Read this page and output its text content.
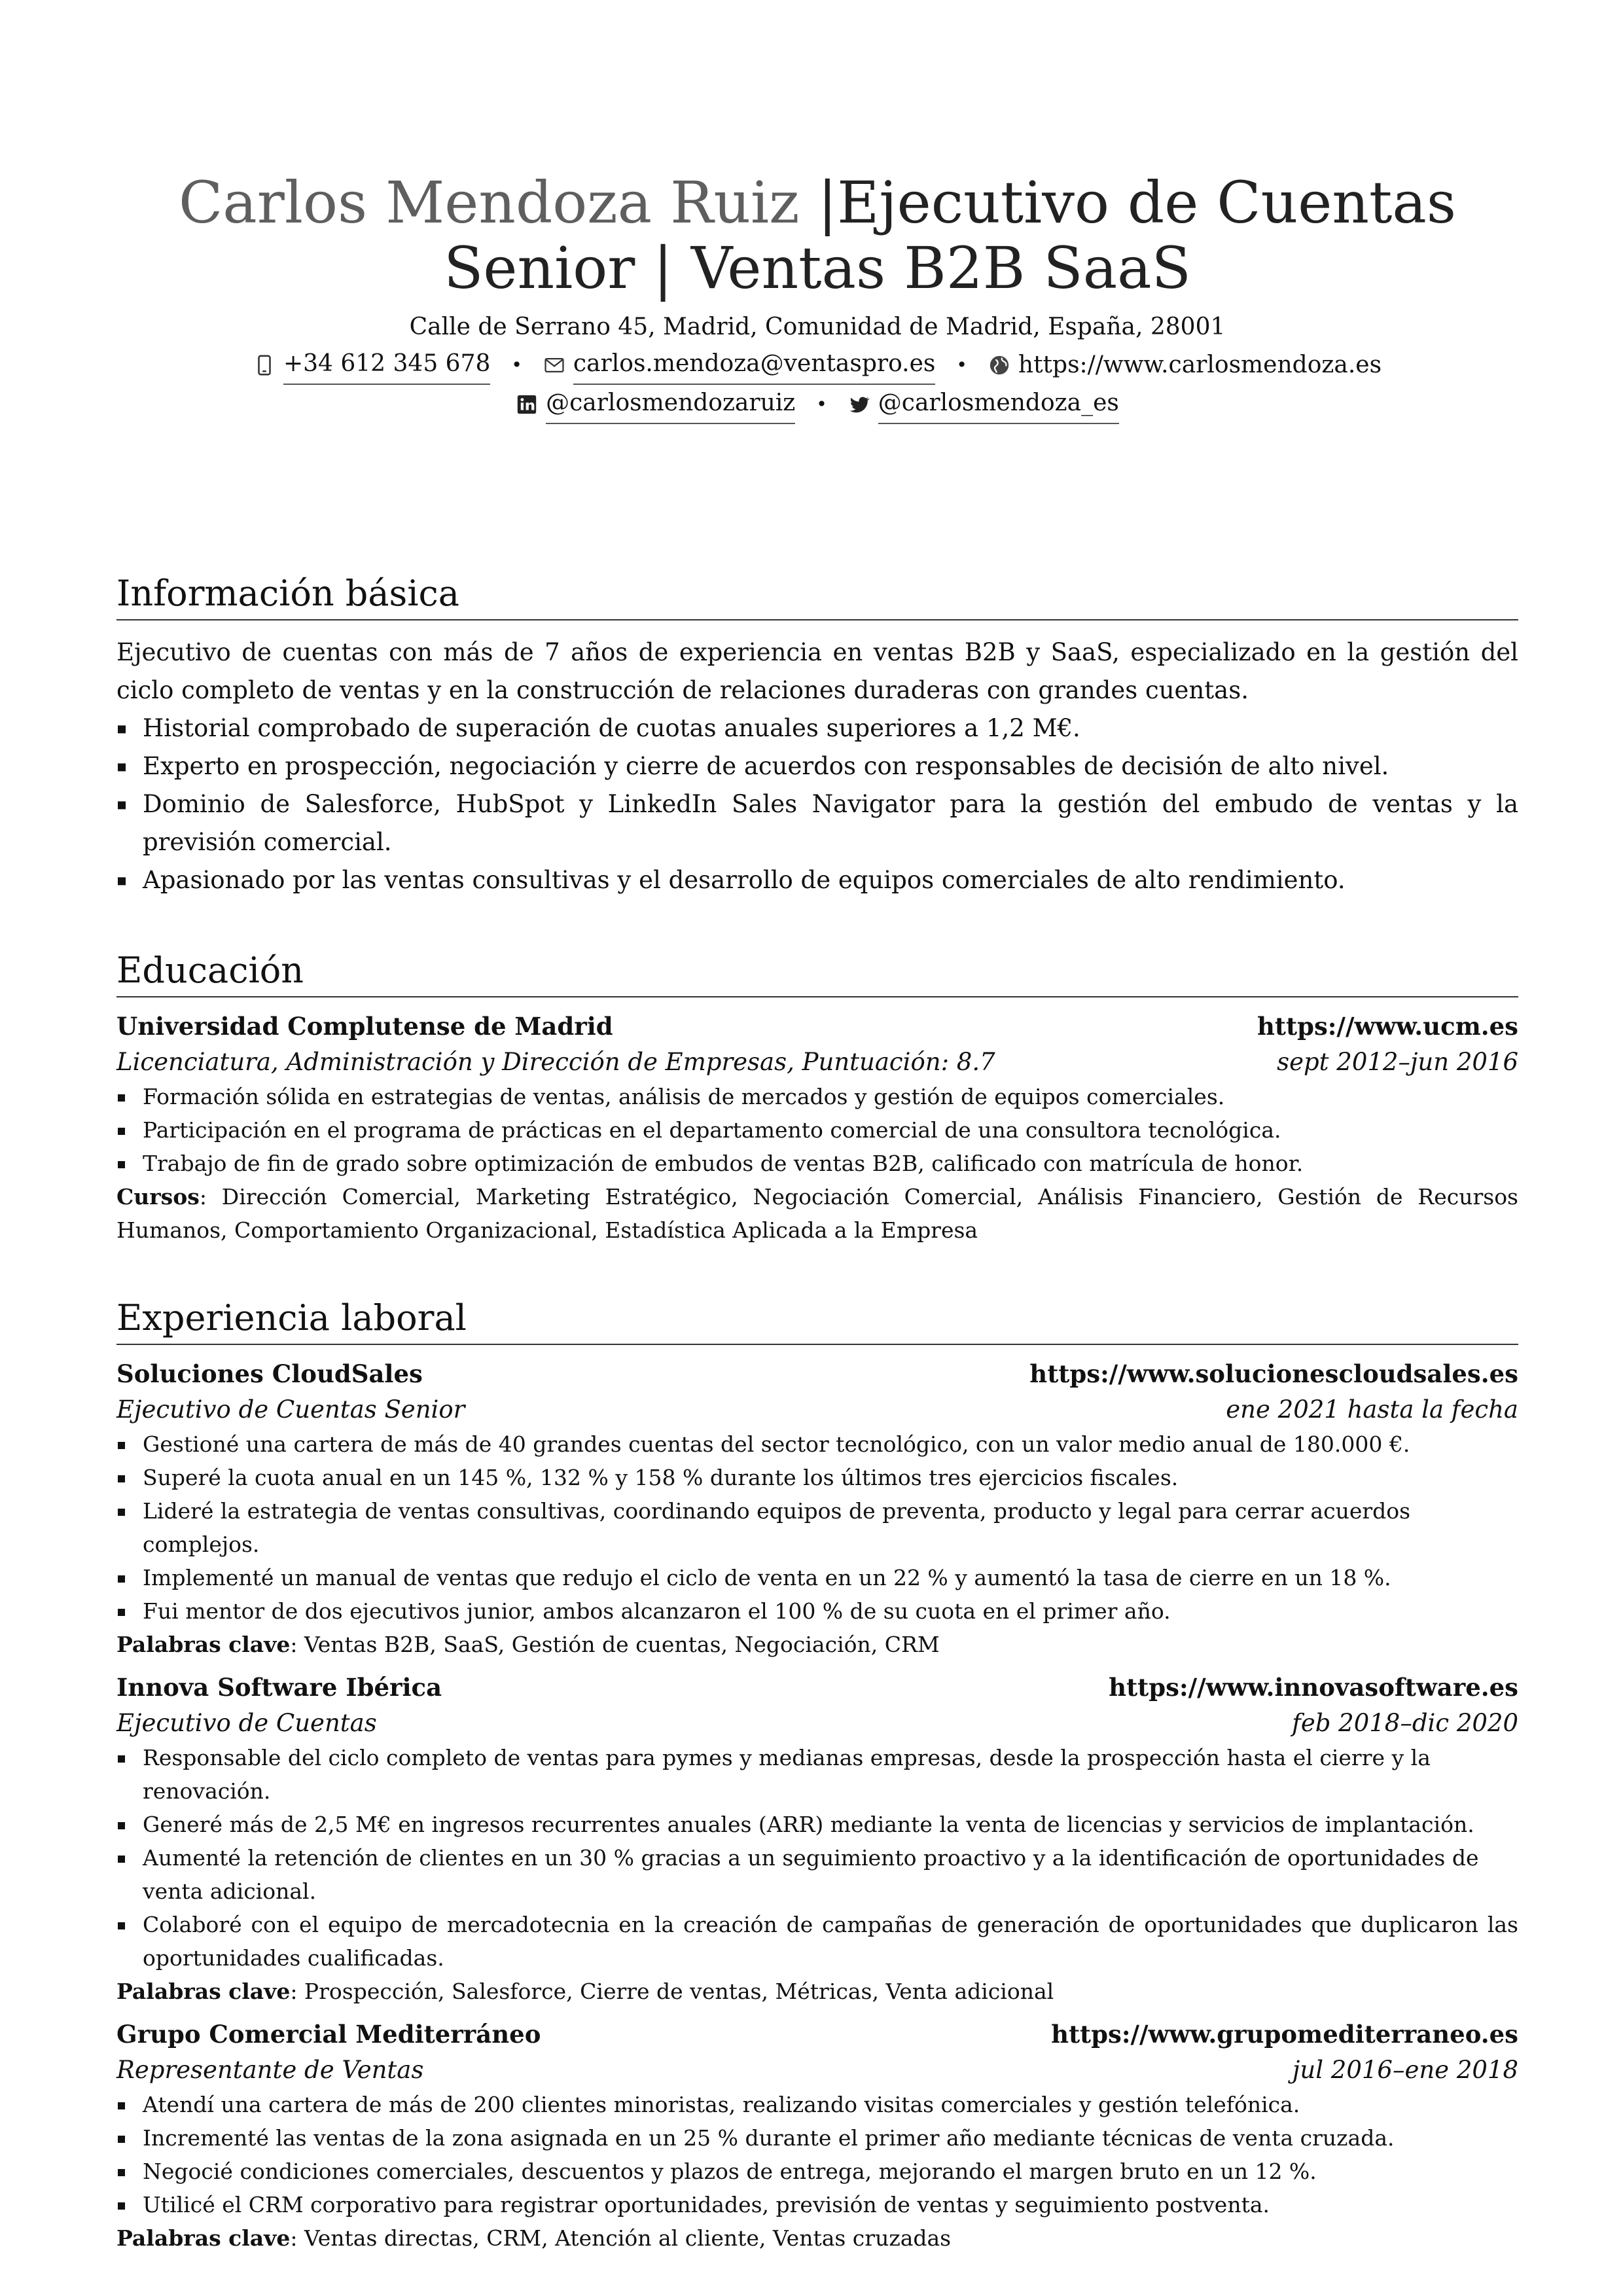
Carlos Mendoza Ruiz |Ejecutivo de Cuentas Senior | Ventas B2B SaaS
Calle de Serrano 45, Madrid, Comunidad de Madrid, España, 28001
+34 612 345 678 • carlos.mendoza@ventaspro.es • https://www.carlosmendoza.es
@carlosmendozaruiz • @carlosmendoza_es
Información básica
Ejecutivo de cuentas con más de 7 años de experiencia en ventas B2B y SaaS, especializado en la gestión del ciclo completo de ventas y en la construcción de relaciones duraderas con grandes cuentas.
Historial comprobado de superación de cuotas anuales superiores a 1,2 M€.
Experto en prospección, negociación y cierre de acuerdos con responsables de decisión de alto nivel.
Dominio de Salesforce, HubSpot y LinkedIn Sales Navigator para la gestión del embudo de ventas y la previsión comercial.
Apasionado por las ventas consultivas y el desarrollo de equipos comerciales de alto rendimiento.
Educación
Universidad Complutense de Madrid	https://www.ucm.es
Licenciatura, Administración y Dirección de Empresas, Puntuación: 8.7	sept 2012–jun 2016
Formación sólida en estrategias de ventas, análisis de mercados y gestión de equipos comerciales.
Participación en el programa de prácticas en el departamento comercial de una consultora tecnológica.
Trabajo de fin de grado sobre optimización de embudos de ventas B2B, calificado con matrícula de honor.
Cursos: Dirección Comercial, Marketing Estratégico, Negociación Comercial, Análisis Financiero, Gestión de Recursos Humanos, Comportamiento Organizacional, Estadística Aplicada a la Empresa
Experiencia laboral
Soluciones CloudSales	https://www.solucionescloudsales.es
Ejecutivo de Cuentas Senior	ene 2021 hasta la fecha
Gestioné una cartera de más de 40 grandes cuentas del sector tecnológico, con un valor medio anual de 180.000 €.
Superé la cuota anual en un 145 %, 132 % y 158 % durante los últimos tres ejercicios fiscales.
Lideré la estrategia de ventas consultivas, coordinando equipos de preventa, producto y legal para cerrar acuerdos complejos.
Implementé un manual de ventas que redujo el ciclo de venta en un 22 % y aumentó la tasa de cierre en un 18 %.
Fui mentor de dos ejecutivos junior, ambos alcanzaron el 100 % de su cuota en el primer año.
Palabras clave: Ventas B2B, SaaS, Gestión de cuentas, Negociación, CRM
Innova Software Ibérica	https://www.innovasoftware.es
Ejecutivo de Cuentas	feb 2018–dic 2020
Responsable del ciclo completo de ventas para pymes y medianas empresas, desde la prospección hasta el cierre y la renovación.
Generé más de 2,5 M€ en ingresos recurrentes anuales (ARR) mediante la venta de licencias y servicios de implantación.
Aumenté la retención de clientes en un 30 % gracias a un seguimiento proactivo y a la identificación de oportunidades de venta adicional.
Colaboré con el equipo de mercadotecnia en la creación de campañas de generación de oportunidades que duplicaron las oportunidades cualificadas.
Palabras clave: Prospección, Salesforce, Cierre de ventas, Métricas, Venta adicional
Grupo Comercial Mediterráneo	https://www.grupomediterraneo.es
Representante de Ventas	jul 2016–ene 2018
Atendí una cartera de más de 200 clientes minoristas, realizando visitas comerciales y gestión telefónica.
Incrementé las ventas de la zona asignada en un 25 % durante el primer año mediante técnicas de venta cruzada.
Negocié condiciones comerciales, descuentos y plazos de entrega, mejorando el margen bruto en un 12 %.
Utilicé el CRM corporativo para registrar oportunidades, previsión de ventas y seguimiento postventa.
Palabras clave: Ventas directas, CRM, Atención al cliente, Ventas cruzadas
